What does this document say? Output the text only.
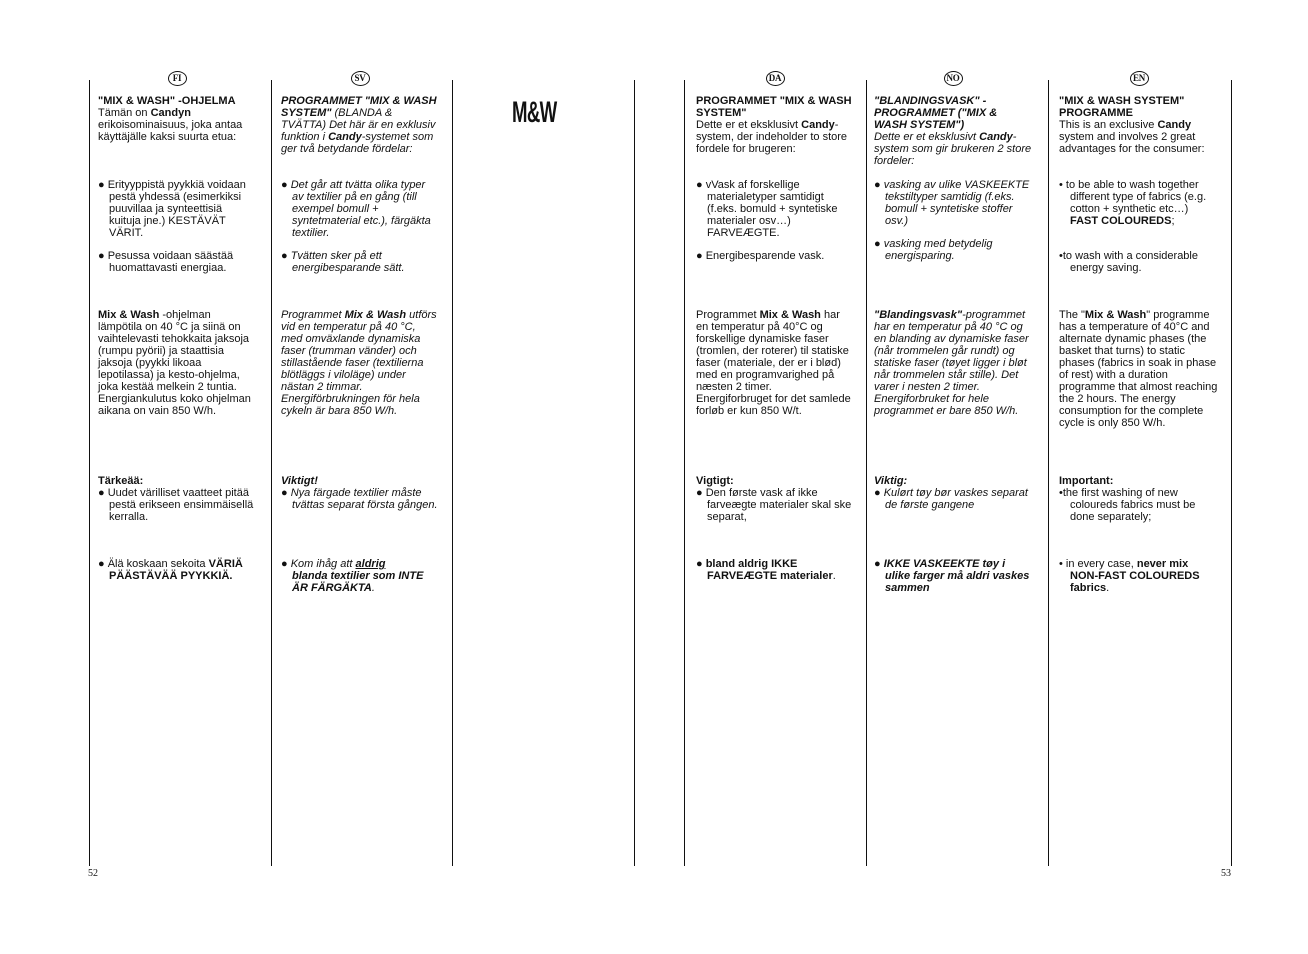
M&W
FI

"MIX & WASH" -OHJELMA

Tämän on Candyn erikoisominaisuus, joka antaa käyttäjälle kaksi suurta etua:

● Erityyppistä pyykkiä voidaan pestä yhdessä (esimerkiksi puuvillaa ja synteettisiä kuituja jne.) KESTÄVÄT VÄRIT.

● Pesussa voidaan säästää huomattavasti energiaa.

Mix & Wash -ohjelman lämpötila on 40 °C ja siinä on vaihtelevasti tehokkaita jaksoja (rumpu pyörii) ja staattisia jaksoja (pyykki likoaa lepotilassa) ja kesto-ohjelma, joka kestää melkein 2 tuntia.

Energiankulutus koko ohjelman aikana on vain 850 W/h.

Tärkeää:

● Uudet värilliset vaatteet pitää pestä erikseen ensimmäisellä kerralla.

● Älä koskaan sekoita VÄRIÄ PÄÄSTÄVÄÄ PYYKKIÄ.

SV

PROGRAMMET "MIX & WASH SYSTEM" (BLANDA & TVÄTTA) Det här är en exklusiv funktion i Candy-systemet som ger två betydande fördelar:

● Det går att tvätta olika typer av textilier på en gång (till exempel bomull + syntetmaterial etc.), färgäkta textilier.

● Tvätten sker på ett energibesparande sätt.

Programmet Mix & Wash utförs vid en temperatur på 40 °C, med omväxlande dynamiska faser (trumman vänder) och stillastående faser (textilierna blötläggs i viloläge) under nästan 2 timmar.

Energiförbrukningen för hela cykeln är bara 850 W/h.

Viktigt!

● Nya färgade textilier måste tvättas separat första gången.

● Kom ihåg att aldrig
blanda textilier som INTE ÄR FÄRGÄKTA.

DA

PROGRAMMET "MIX & WASH SYSTEM"

Dette er et eksklusivt Candy-system, der indeholder to store fordele for brugeren:

● vVask af forskellige materialetyper samtidigt (f.eks. bomuld + syntetiske materialer osv…) FARVEÆGTE.

● Energibesparende vask.

Programmet Mix & Wash har en temperatur på 40°C og forskellige dynamiske faser (tromlen, der roterer) til statiske faser (materiale, der er i blød) med en programvarighed på næsten 2 timer.

Energiforbruget for det samlede forløb er kun 850 W/t.

Vigtigt:

● Den første vask af ikke farveægte materialer skal ske separat,

● bland aldrig IKKE FARVEÆGTE materialer.

NO

"BLANDINGSVASK" - PROGRAMMET ("MIX & WASH SYSTEM")

Dette er et eksklusivt Candy-system som gir brukeren 2 store fordeler:

● vasking av ulike VASKEEKTE tekstiltyper samtidig (f.eks. bomull + syntetiske stoffer osv.)

● vasking med betydelig energisparing.

"Blandingsvask"-programmet har en temperatur på 40 °C og en blanding av dynamiske faser (når trommelen går rundt) og statiske faser (tøyet ligger i bløt når trommelen står stille). Det varer i nesten 2 timer.

Energiforbruket for hele programmet er bare 850 W/h.

Viktig:

● Kulørt tøy bør vaskes separat de første gangene

● IKKE VASKEEKTE tøy i ulike farger må aldri vaskes sammen

EN

"MIX & WASH SYSTEM" PROGRAMME

This is an exclusive Candy system and involves 2 great advantages for the consumer:

• to be able to wash together different type of fabrics (e.g. cotton + synthetic etc…) FAST COLOUREDS;

•to wash with a considerable energy saving.

The "Mix & Wash" programme has a temperature of 40°C and alternate dynamic phases (the basket that turns) to static phases (fabrics in soak in phase of rest) with a duration programme that almost reaching the 2 hours. The energy consumption for the complete cycle is only 850 W/h.

Important:

•the first washing of new coloureds fabrics must be done separately;

• in every case, never mix NON-FAST COLOUREDS fabrics.

52	53
